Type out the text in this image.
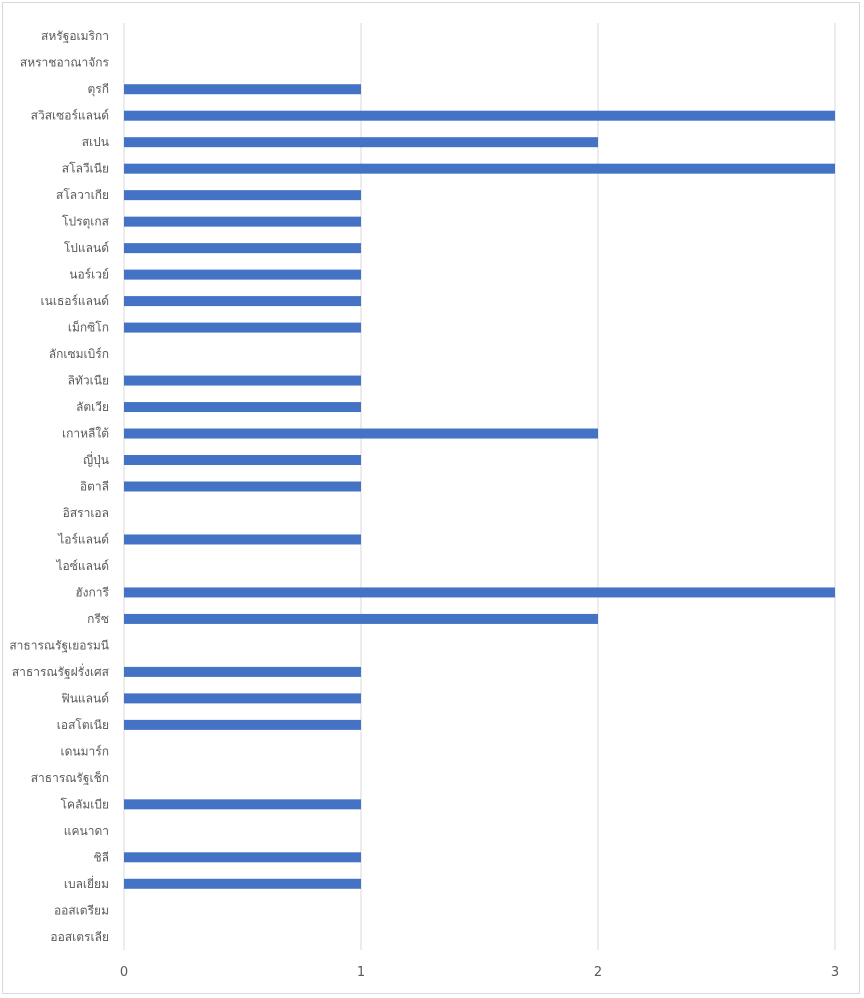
สหรัฐอเมริกา
สหราชอาณาจักร
ตุรกี
สวิสเซอร์แลนด์
สเปน
สโลวีเนีย
สโลวาเกีย
โปรตุเกส
โปแลนด์
นอร์เวย์
เนเธอร์แลนด์
เม็กซิโก
ลักเซมเบิร์ก
ลิทัวเนีย
ลัตเวีย
เกาหลีใต้
ญี่ปุ่น
อิตาลี
อิสราเอล
ไอร์แลนด์
ไอซ์แลนด์
ฮังการี
กรีซ
สาธารณรัฐเยอรมนี
สาธารณรัฐฝรั่งเศส
ฟินแลนด์
เอสโตเนีย
เดนมาร์ก
สาธารณรัฐเช็ก
โคลัมเบีย
แคนาดา
ชิลี
เบลเยี่ยม
ออสเตรียม
ออสเตรเลีย
0	1	2	3
